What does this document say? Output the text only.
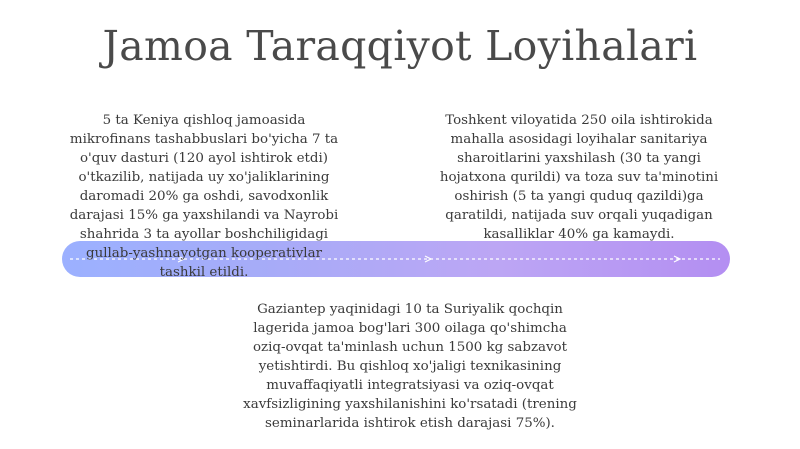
Jamoa Taraqqiyot Loyihalari

5 ta Keniya qishloq jamoasida mikrofinans tashabbuslari bo'yicha 7 ta o'quv dasturi (120 ayol ishtirok etdi) o'tkazilib, natijada uy xo'jaliklarining daromadi 20% ga oshdi, savodxonlik darajasi 15% ga yaxshilandi va Nayrobi shahrida 3 ta ayollar boshchiligidagi gullab-yashnayotgan kooperativlar tashkil etildi.

Toshkent viloyatida 250 oila ishtirokida mahalla asosidagi loyihalar sanitariya sharoitlarini yaxshilash (30 ta yangi hojatxona qurildi) va toza suv ta'minotini oshirish (5 ta yangi quduq qazildi)ga qaratildi, natijada suv orqali yuqadigan kasalliklar 40% ga kamaydi.

Gaziantep yaqinidagi 10 ta Suriyalik qochqin lagerida jamoa bog'lari 300 oilaga qo'shimcha oziq-ovqat ta'minlash uchun 1500 kg sabzavot yetishtirdi. Bu qishloq xo'jaligi texnikasining muvaffaqiyatli integratsiyasi va oziq-ovqat xavfsizligining yaxshilanishini ko'rsatadi (trening seminarlarida ishtirok etish darajasi 75%).
